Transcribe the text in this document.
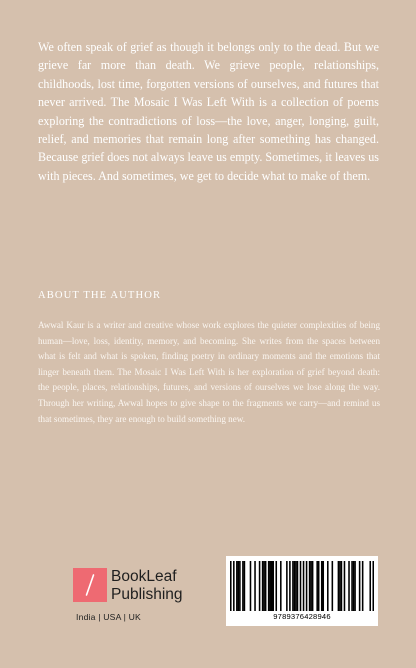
We often speak of grief as though it belongs only to the dead. But we grieve far more than death. We grieve people, relationships, childhoods, lost time, forgotten versions of ourselves, and futures that never arrived. The Mosaic I Was Left With is a collection of poems exploring the contradictions of loss—the love, anger, longing, guilt, relief, and memories that remain long after something has changed. Because grief does not always leave us empty. Sometimes, it leaves us with pieces. And sometimes, we get to decide what to make of them.

ABOUT THE AUTHOR

Awwal Kaur is a writer and creative whose work explores the quieter complexities of being human—love, loss, identity, memory, and becoming. She writes from the spaces between what is felt and what is spoken, finding poetry in ordinary moments and the emotions that linger beneath them. The Mosaic I Was Left With is her exploration of grief beyond death: the people, places, relationships, futures, and versions of ourselves we lose along the way. Through her writing, Awwal hopes to give shape to the fragments we carry—and remind us that sometimes, they are enough to build something new.

BookLeaf
Publishing
India | USA | UK	9789376428946
